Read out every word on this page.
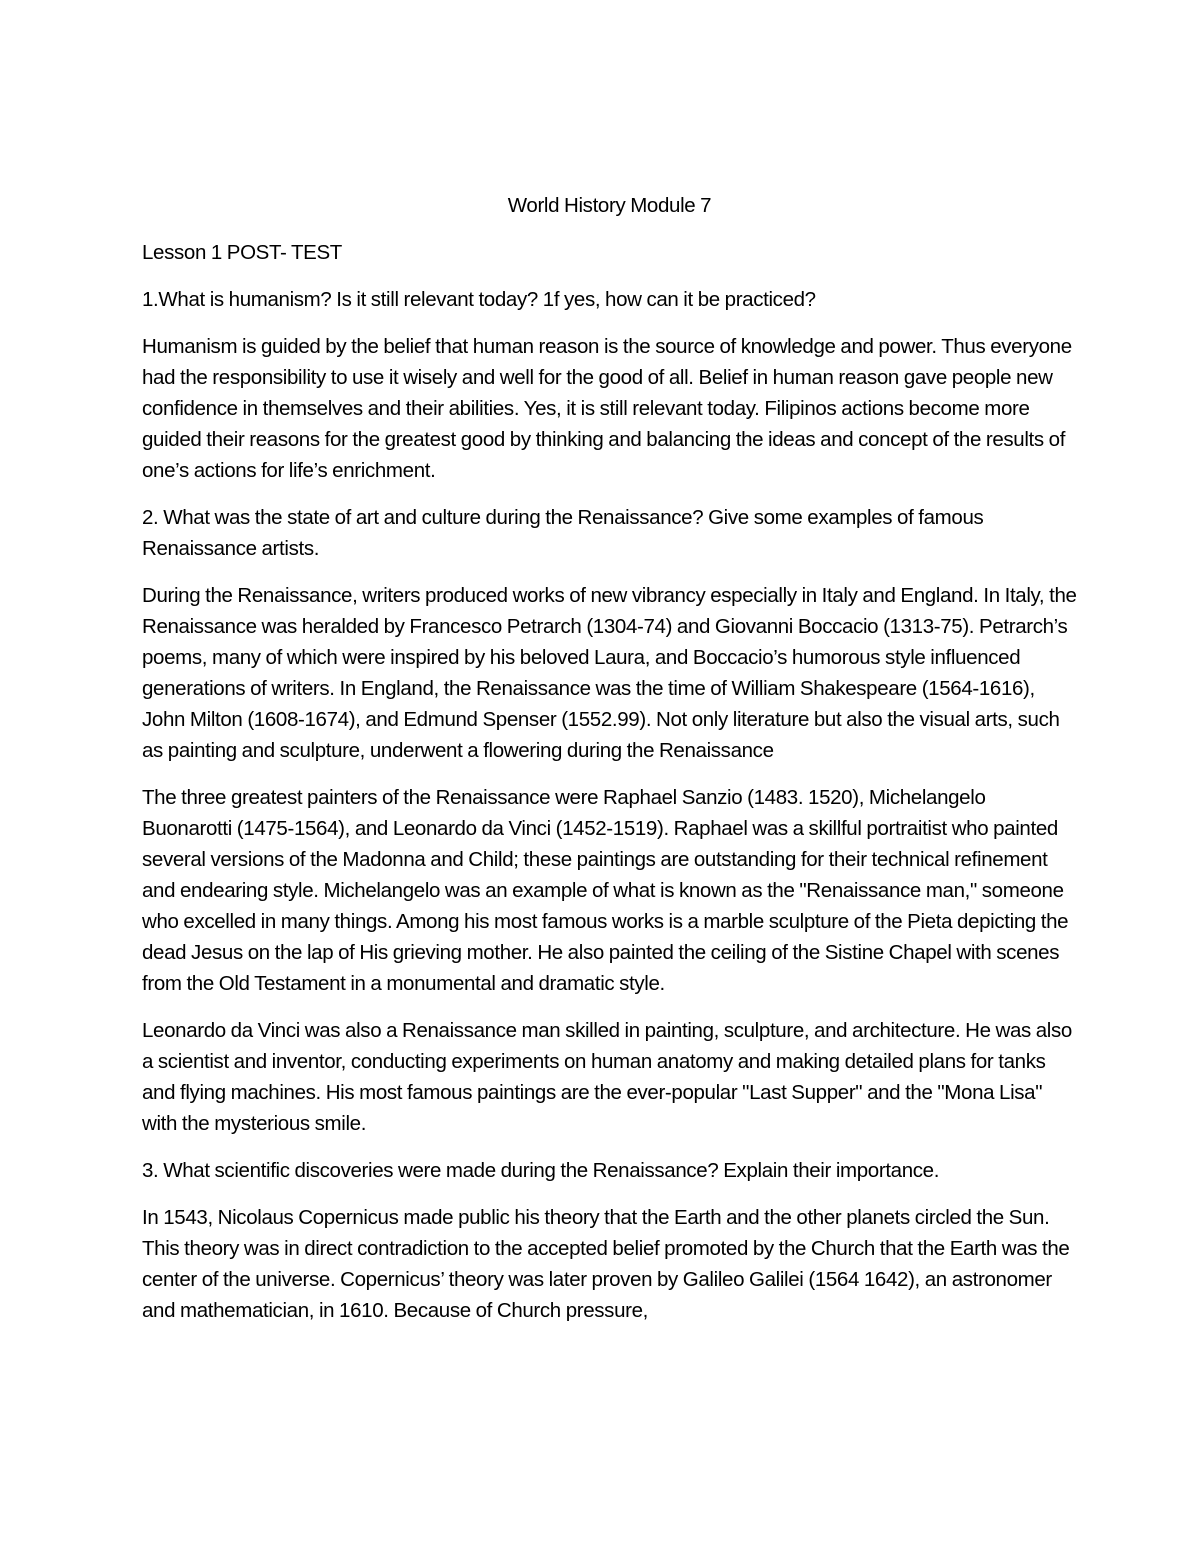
World History Module 7

Lesson 1 POST- TEST

1.What is humanism? Is it still relevant today? 1f yes, how can it be practiced?

Humanism is guided by the belief that human reason is the source of knowledge and power. Thus everyone had the responsibility to use it wisely and well for the good of all. Belief in human reason gave people new confidence in themselves and their abilities. Yes, it is still relevant today. Filipinos actions become more guided their reasons for the greatest good by thinking and balancing the ideas and concept of the results of one’s actions for life’s enrichment.

2. What was the state of art and culture during the Renaissance? Give some examples of famous Renaissance artists.

During the Renaissance, writers produced works of new vibrancy especially in Italy and England. In Italy, the Renaissance was heralded by Francesco Petrarch (1304-74) and Giovanni Boccacio (1313-75). Petrarch’s poems, many of which were inspired by his beloved Laura, and Boccacio’s humorous style influenced generations of writers. In England, the Renaissance was the time of William Shakespeare (1564-1616), John Milton (1608-1674), and Edmund Spenser (1552.99). Not only literature but also the visual arts, such as painting and sculpture, underwent a flowering during the Renaissance

The three greatest painters of the Renaissance were Raphael Sanzio (1483. 1520), Michelangelo Buonarotti (1475-1564), and Leonardo da Vinci (1452-1519). Raphael was a skillful portraitist who painted several versions of the Madonna and Child; these paintings are outstanding for their technical refinement and endearing style. Michelangelo was an example of what is known as the "Renaissance man," someone who excelled in many things. Among his most famous works is a marble sculpture of the Pieta depicting the dead Jesus on the lap of His grieving mother. He also painted the ceiling of the Sistine Chapel with scenes from the Old Testament in a monumental and dramatic style.

Leonardo da Vinci was also a Renaissance man skilled in painting, sculpture, and architecture. He was also a scientist and inventor, conducting experiments on human anatomy and making detailed plans for tanks and flying machines. His most famous paintings are the ever-popular "Last Supper" and the "Mona Lisa" with the mysterious smile.

3. What scientific discoveries were made during the Renaissance? Explain their importance.

In 1543, Nicolaus Copernicus made public his theory that the Earth and the other planets circled the Sun. This theory was in direct contradiction to the accepted belief promoted by the Church that the Earth was the center of the universe. Copernicus’ theory was later proven by Galileo Galilei (1564 1642), an astronomer and mathematician, in 1610. Because of Church pressure,
